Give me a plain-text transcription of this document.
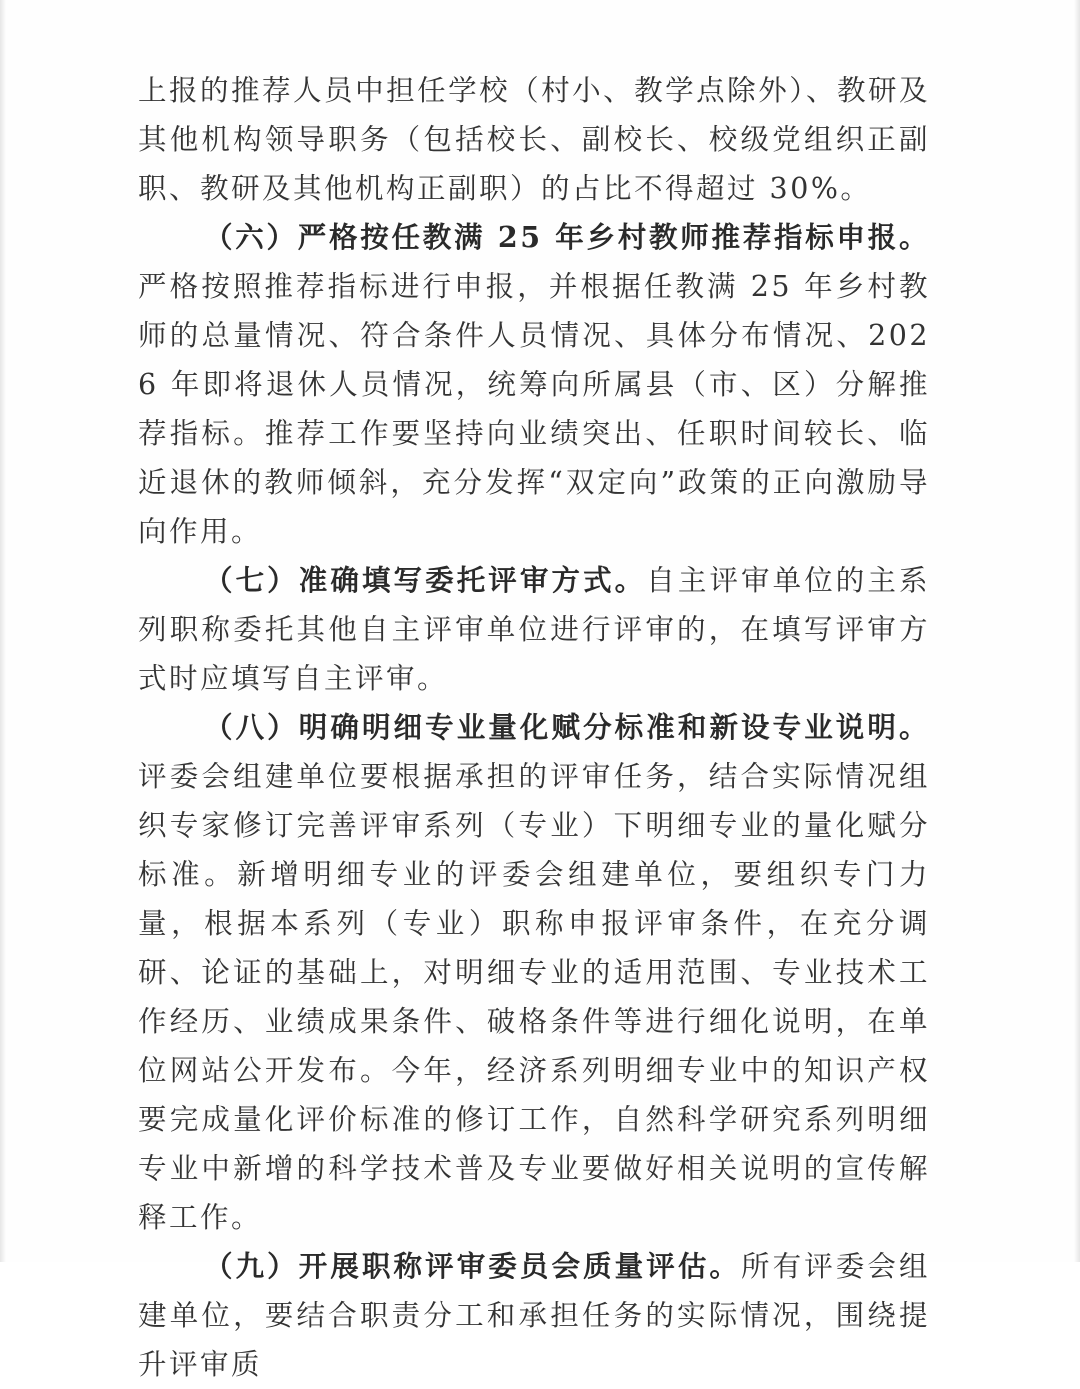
上报的推荐人员中担任学校（村小、教学点除外）、教研及其他机构领导职务（包括校长、副校长、校级党组织正副职、教研及其他机构正副职）的占比不得超过 30%。

（六）严格按任教满 25 年乡村教师推荐指标申报。严格按照推荐指标进行申报，并根据任教满 25 年乡村教师的总量情况、符合条件人员情况、具体分布情况、2026 年即将退休人员情况，统筹向所属县（市、区）分解推荐指标。推荐工作要坚持向业绩突出、任职时间较长、临近退休的教师倾斜，充分发挥“双定向”政策的正向激励导向作用。

（七）准确填写委托评审方式。自主评审单位的主系列职称委托其他自主评审单位进行评审的，在填写评审方式时应填写自主评审。

（八）明确明细专业量化赋分标准和新设专业说明。评委会组建单位要根据承担的评审任务，结合实际情况组织专家修订完善评审系列（专业）下明细专业的量化赋分标准。新增明细专业的评委会组建单位，要组织专门力量，根据本系列（专业）职称申报评审条件，在充分调研、论证的基础上，对明细专业的适用范围、专业技术工作经历、业绩成果条件、破格条件等进行细化说明，在单位网站公开发布。今年，经济系列明细专业中的知识产权要完成量化评价标准的修订工作，自然科学研究系列明细专业中新增的科学技术普及专业要做好相关说明的宣传解释工作。

（九）开展职称评审委员会质量评估。所有评委会组建单位，要结合职责分工和承担任务的实际情况，围绕提升评审质
